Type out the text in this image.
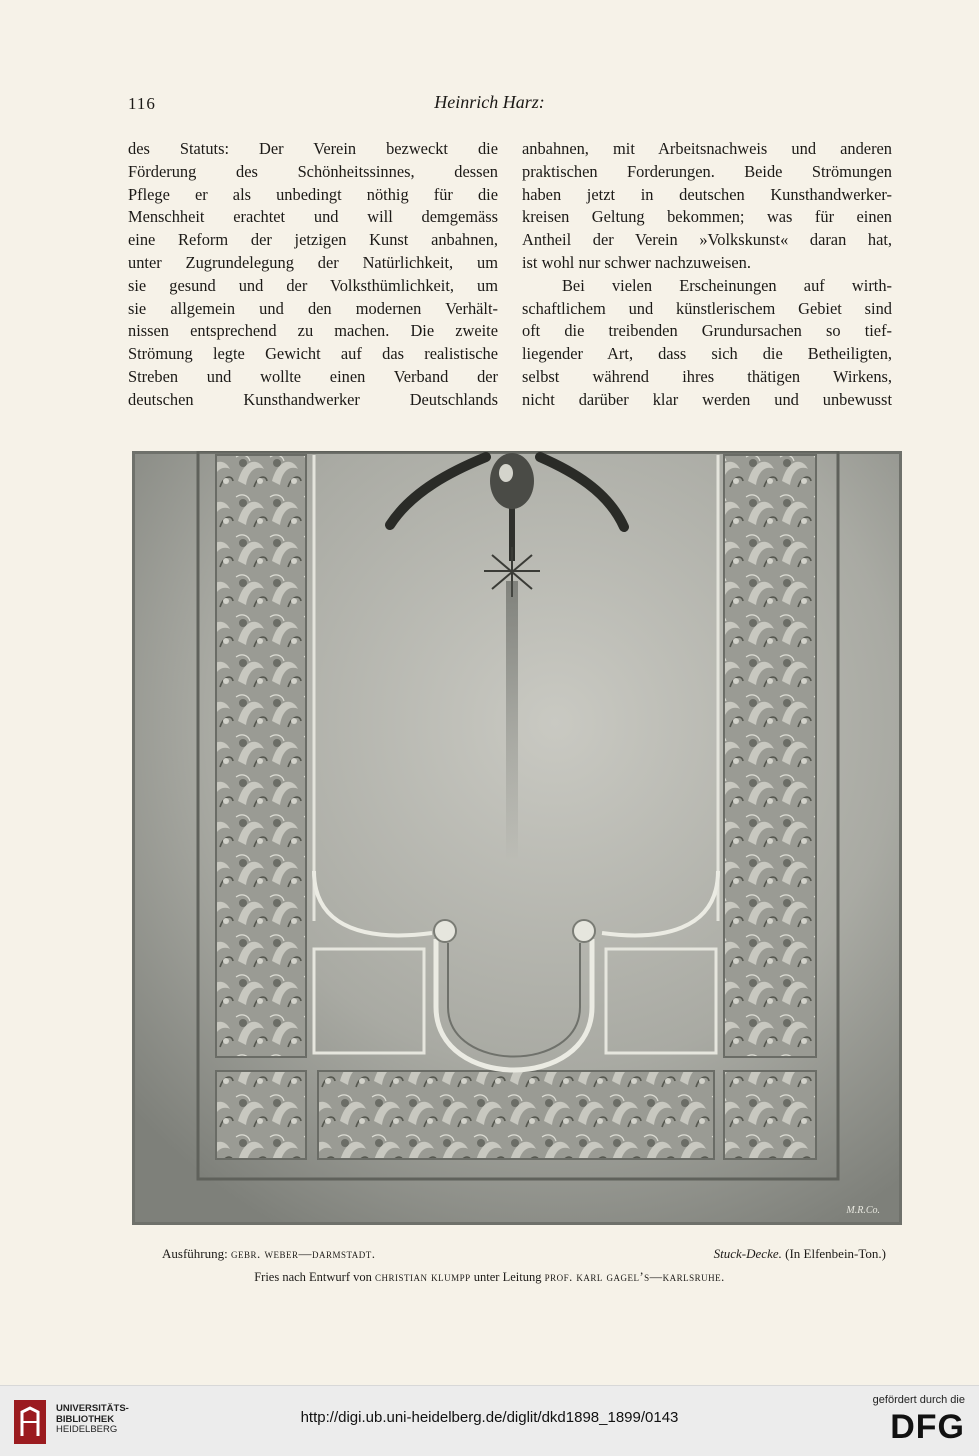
116	Heinrich Harz:
des Statuts: Der Verein bezweckt die
Förderung des Schönheitssinnes, dessen
Pflege er als unbedingt nöthig für die
Menschheit erachtet und will demgemäss
eine Reform der jetzigen Kunst anbahnen,
unter Zugrundelegung der Natürlichkeit, um
sie gesund und der Volksthümlichkeit, um
sie allgemein und den modernen Verhält-
nissen entsprechend zu machen. Die zweite
Strömung legte Gewicht auf das realistische
Streben und wollte einen Verband der
deutschen Kunsthandwerker Deutschlands
anbahnen, mit Arbeitsnachweis und anderen
praktischen Forderungen. Beide Strömungen
haben jetzt in deutschen Kunsthandwerker-
kreisen Geltung bekommen; was für einen
Antheil der Verein »Volkskunst« daran hat,
ist wohl nur schwer nachzuweisen.
Bei vielen Erscheinungen auf wirth-
schaftlichem und künstlerischem Gebiet sind
oft die treibenden Grundursachen so tief-
liegender Art, dass sich die Betheiligten,
selbst während ihres thätigen Wirkens,
nicht darüber klar werden und unbewusst
M.R.Co.
Ausführung: gebr. weber—darmstadt.	Stuck-Decke. (In Elfenbein-Ton.)
Fries nach Entwurf von christian klumpp unter Leitung prof. karl gagel’s—karlsruhe.
UNIVERSITÄTS-
BIBLIOTHEK
HEIDELBERG
http://digi.ub.uni-heidelberg.de/diglit/dkd1898_1899/0143
gefördert durch die
DFG
